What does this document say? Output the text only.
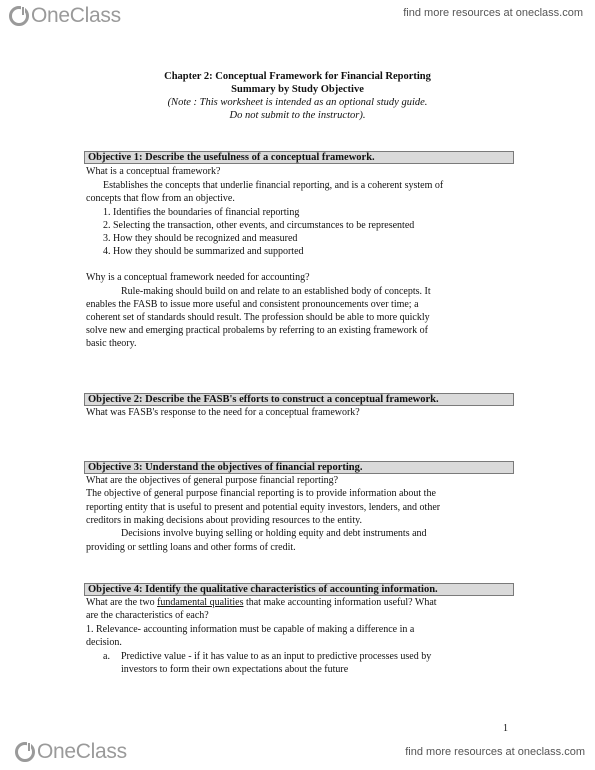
OneClass	find more resources at oneclass.com
Chapter 2: Conceptual Framework for Financial Reporting
Summary by Study Objective
(Note : This worksheet is intended as an optional study guide.
Do not submit to the instructor).
Objective 1: Describe the usefulness of a conceptual framework.
What is a conceptual framework?
Establishes the concepts that underlie financial reporting, and is a coherent system of
concepts that flow from an objective.
1. Identifies the boundaries of financial reporting
2. Selecting the transaction, other events, and circumstances to be represented
3. How they should be recognized and measured
4. How they should be summarized and supported
Why is a conceptual framework needed for accounting?
Rule-making should build on and relate to an established body of concepts. It
enables the FASB to issue more useful and consistent pronouncements over time; a
coherent set of standards should result. The profession should be able to more quickly
solve new and emerging practical probalems by referring to an existing framework of
basic theory.
Objective 2: Describe the FASB's efforts to construct a conceptual framework.
What was FASB's response to the need for a conceptual framework?
Objective 3: Understand the objectives of financial reporting.
What are the objectives of general purpose financial reporting?
The objective of general purpose financial reporting is to provide information about the
reporting entity that is useful to present and potential equity investors, lenders, and other
creditors in making decisions about providing resources to the entity.
Decisions involve buying selling or holding equity and debt instruments and
providing or settling loans and other forms of credit.
Objective 4: Identify the qualitative characteristics of accounting information.
What are the two fundamental qualities that make accounting information useful? What
are the characteristics of each?
1. Relevance- accounting information must be capable of making a difference in a
decision.
a. Predictive value - if it has value to as an input to predictive processes used by
investors to form their own expectations about the future
1
OneClass	find more resources at oneclass.com
